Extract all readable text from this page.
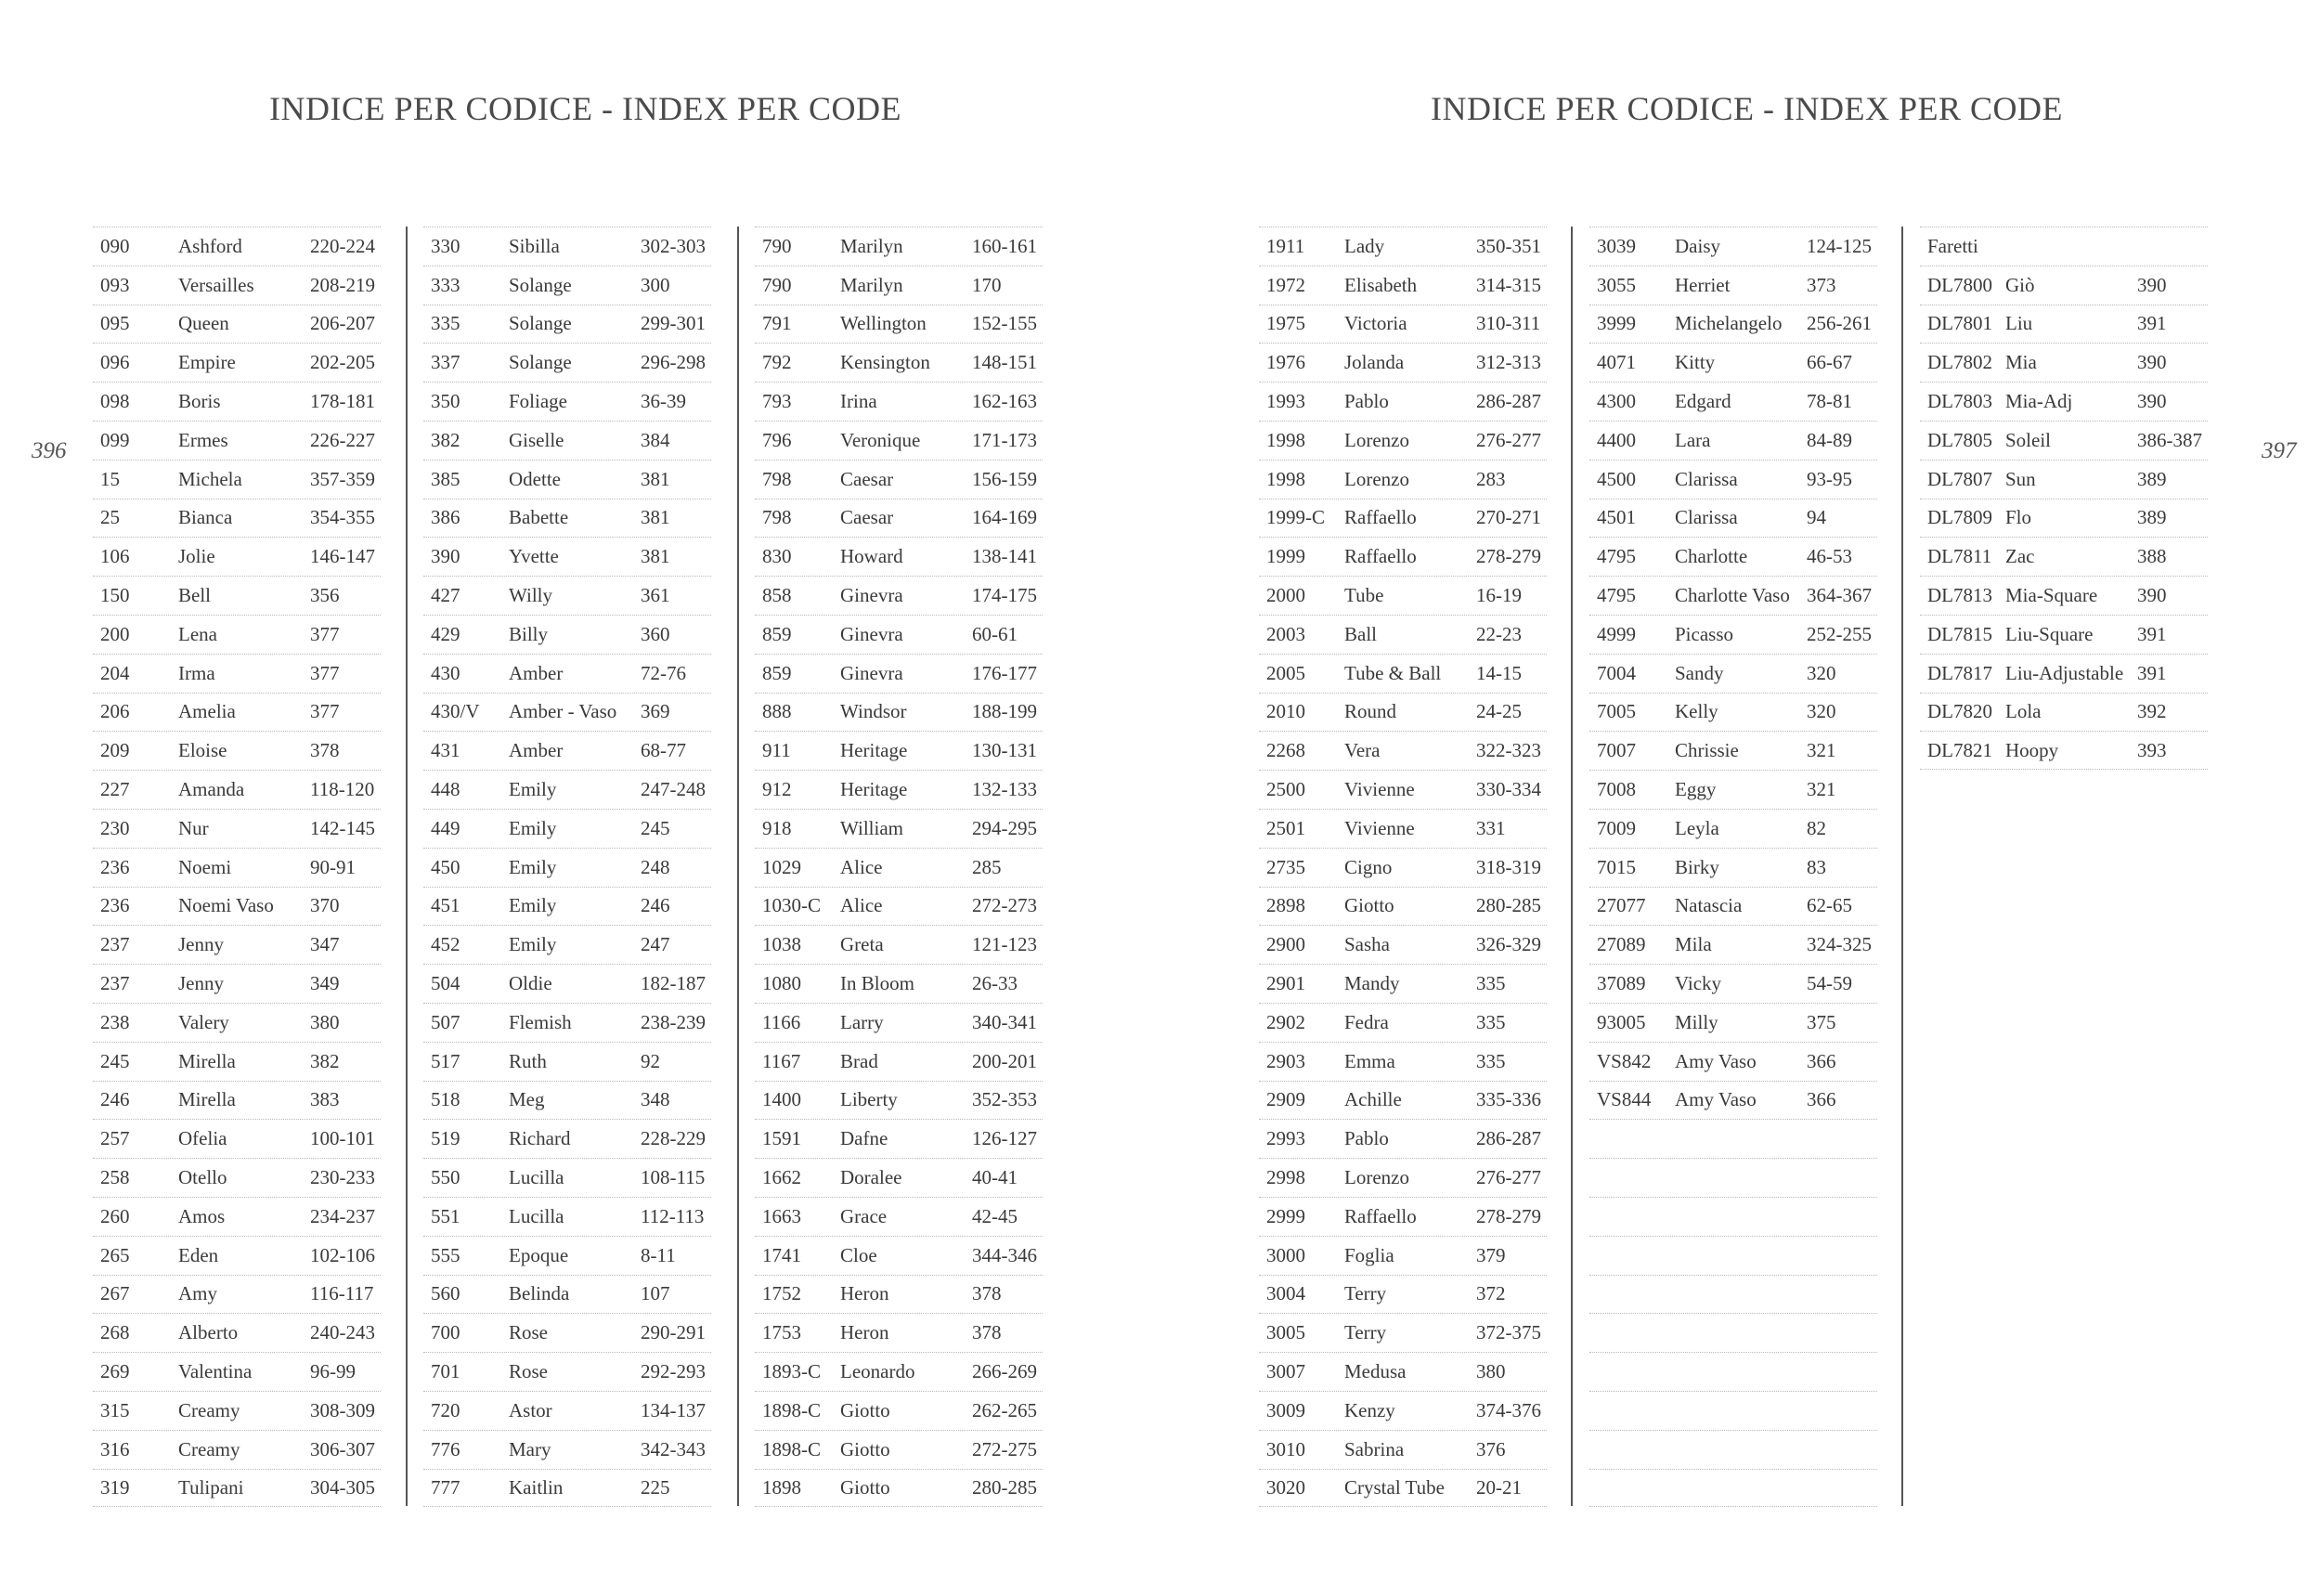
INDICE PER CODICE - INDEX PER CODE
396
090	Ashford	220-224
093	Versailles	208-219
095	Queen	206-207
096	Empire	202-205
098	Boris	178-181
099	Ermes	226-227
15	Michela	357-359
25	Bianca	354-355
106	Jolie	146-147
150	Bell	356
200	Lena	377
204	Irma	377
206	Amelia	377
209	Eloise	378
227	Amanda	118-120
230	Nur	142-145
236	Noemi	90-91
236	Noemi Vaso	370
237	Jenny	347
237	Jenny	349
238	Valery	380
245	Mirella	382
246	Mirella	383
257	Ofelia	100-101
258	Otello	230-233
260	Amos	234-237
265	Eden	102-106
267	Amy	116-117
268	Alberto	240-243
269	Valentina	96-99
315	Creamy	308-309
316	Creamy	306-307
319	Tulipani	304-305
330	Sibilla	302-303
333	Solange	300
335	Solange	299-301
337	Solange	296-298
350	Foliage	36-39
382	Giselle	384
385	Odette	381
386	Babette	381
390	Yvette	381
427	Willy	361
429	Billy	360
430	Amber	72-76
430/V	Amber - Vaso	369
431	Amber	68-77
448	Emily	247-248
449	Emily	245
450	Emily	248
451	Emily	246
452	Emily	247
504	Oldie	182-187
507	Flemish	238-239
517	Ruth	92
518	Meg	348
519	Richard	228-229
550	Lucilla	108-115
551	Lucilla	112-113
555	Epoque	8-11
560	Belinda	107
700	Rose	290-291
701	Rose	292-293
720	Astor	134-137
776	Mary	342-343
777	Kaitlin	225
790	Marilyn	160-161
790	Marilyn	170
791	Wellington	152-155
792	Kensington	148-151
793	Irina	162-163
796	Veronique	171-173
798	Caesar	156-159
798	Caesar	164-169
830	Howard	138-141
858	Ginevra	174-175
859	Ginevra	60-61
859	Ginevra	176-177
888	Windsor	188-199
911	Heritage	130-131
912	Heritage	132-133
918	William	294-295
1029	Alice	285
1030-C	Alice	272-273
1038	Greta	121-123
1080	In Bloom	26-33
1166	Larry	340-341
1167	Brad	200-201
1400	Liberty	352-353
1591	Dafne	126-127
1662	Doralee	40-41
1663	Grace	42-45
1741	Cloe	344-346
1752	Heron	378
1753	Heron	378
1893-C	Leonardo	266-269
1898-C	Giotto	262-265
1898-C	Giotto	272-275
1898	Giotto	280-285
INDICE PER CODICE - INDEX PER CODE
397
1911	Lady	350-351
1972	Elisabeth	314-315
1975	Victoria	310-311
1976	Jolanda	312-313
1993	Pablo	286-287
1998	Lorenzo	276-277
1998	Lorenzo	283
1999-C	Raffaello	270-271
1999	Raffaello	278-279
2000	Tube	16-19
2003	Ball	22-23
2005	Tube & Ball	14-15
2010	Round	24-25
2268	Vera	322-323
2500	Vivienne	330-334
2501	Vivienne	331
2735	Cigno	318-319
2898	Giotto	280-285
2900	Sasha	326-329
2901	Mandy	335
2902	Fedra	335
2903	Emma	335
2909	Achille	335-336
2993	Pablo	286-287
2998	Lorenzo	276-277
2999	Raffaello	278-279
3000	Foglia	379
3004	Terry	372
3005	Terry	372-375
3007	Medusa	380
3009	Kenzy	374-376
3010	Sabrina	376
3020	Crystal Tube	20-21
3039	Daisy	124-125
3055	Herriet	373
3999	Michelangelo	256-261
4071	Kitty	66-67
4300	Edgard	78-81
4400	Lara	84-89
4500	Clarissa	93-95
4501	Clarissa	94
4795	Charlotte	46-53
4795	Charlotte Vaso 364-367
4999	Picasso	252-255
7004	Sandy	320
7005	Kelly	320
7007	Chrissie	321
7008	Eggy	321
7009	Leyla	82
7015	Birky	83
27077	Natascia	62-65
27089	Mila	324-325
37089	Vicky	54-59
93005	Milly	375
VS842	Amy Vaso	366
VS844	Amy Vaso	366
Faretti
DL7800 Giò	390
DL7801 Liu	391
DL7802 Mia	390
DL7803 Mia-Adj	390
DL7805 Soleil	386-387
DL7807 Sun	389
DL7809 Flo	389
DL7811 Zac	388
DL7813 Mia-Square	390
DL7815 Liu-Square	391
DL7817 Liu-Adjustable 391
DL7820 Lola	392
DL7821 Hoopy	393
